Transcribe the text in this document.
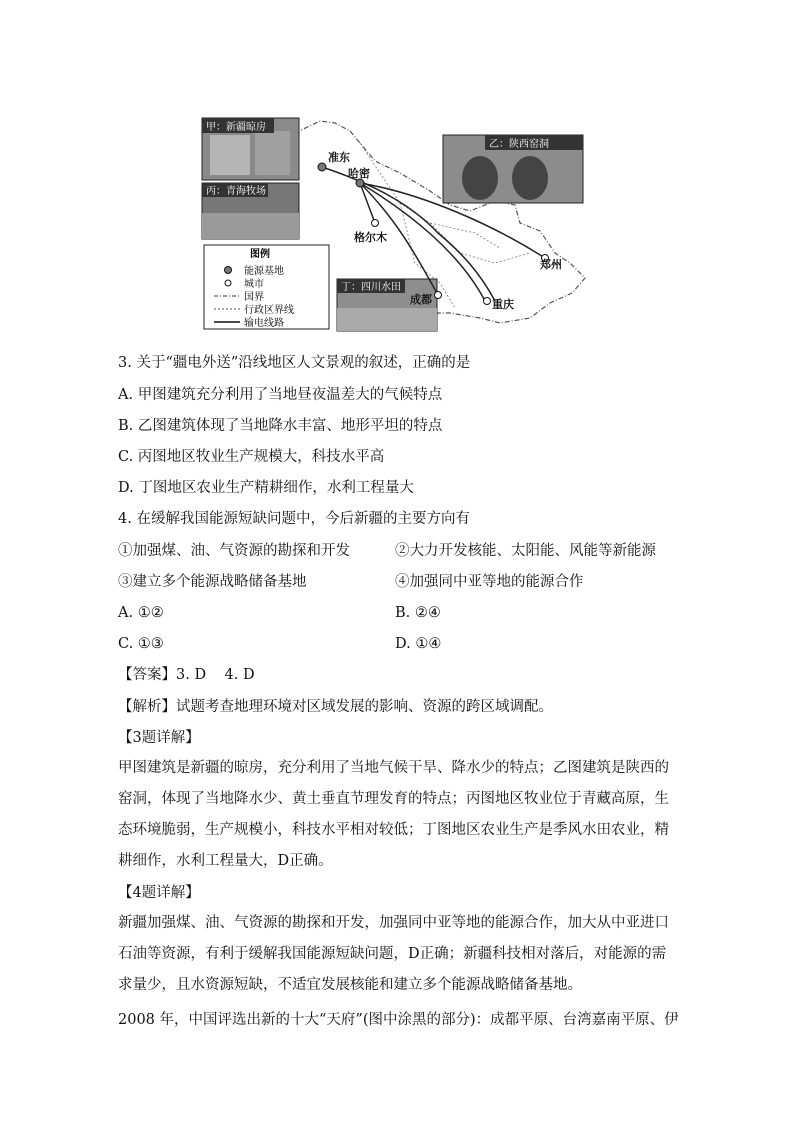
甲：新疆晾房
丙：青海牧场
乙：陕西窑洞
丁：四川水田
准东
哈密
格尔木
郑州
成都	重庆
图例
能源基地
城市
国界
行政区界线
输电线路
3. 关于“疆电外送”沿线地区人文景观的叙述，正确的是
A. 甲图建筑充分利用了当地昼夜温差大的气候特点
B. 乙图建筑体现了当地降水丰富、地形平坦的特点
C. 丙图地区牧业生产规模大，科技水平高
D. 丁图地区农业生产精耕细作，水利工程量大
4. 在缓解我国能源短缺问题中，今后新疆的主要方向有
①加强煤、油、气资源的勘探和开发	②大力开发核能、太阳能、风能等新能源
③建立多个能源战略储备基地	④加强同中亚等地的能源合作
A. ①②	B. ②④
C. ①③	D. ①④
【答案】3. D    4. D
【解析】试题考查地理环境对区域发展的影响、资源的跨区域调配。
【3题详解】
甲图建筑是新疆的晾房，充分利用了当地气候干旱、降水少的特点；乙图建筑是陕西的窑洞，体现了当地降水少、黄土垂直节理发育的特点；丙图地区牧业位于青藏高原，生态环境脆弱，生产规模小，科技水平相对较低；丁图地区农业生产是季风水田农业，精耕细作，水利工程量大，D正确。
【4题详解】
新疆加强煤、油、气资源的勘探和开发，加强同中亚等地的能源合作，加大从中亚进口石油等资源，有利于缓解我国能源短缺问题，D正确；新疆科技相对落后，对能源的需求量少，且水资源短缺，不适宜发展核能和建立多个能源战略储备基地。
2008 年，中国评选出新的十大“天府”(图中涂黑的部分)：成都平原、台湾嘉南平原、伊
